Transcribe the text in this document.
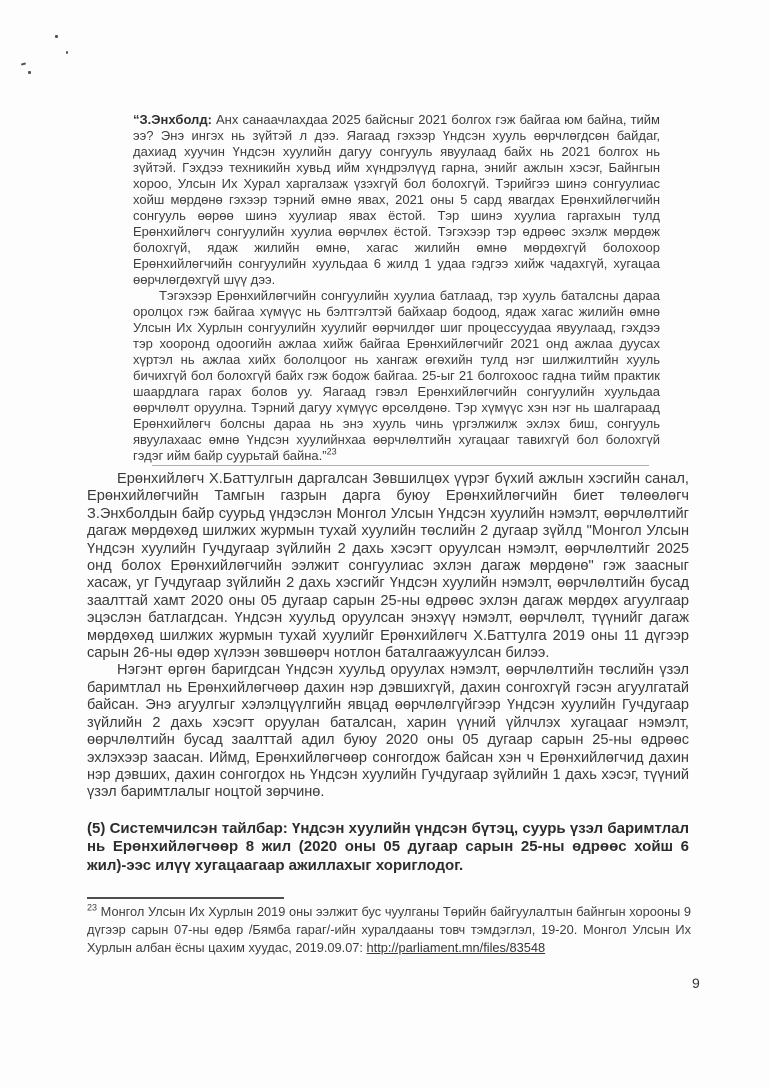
“З.Энхболд: Анх санаачлахдаа 2025 байсныг 2021 болгох гэж байгаа юм байна, тийм ээ? Энэ ингэх нь зүйтэй л дээ. Яагаад гэхээр Үндсэн хууль өөрчлөгдсөн байдаг, дахиад хуучин Үндсэн хуулийн дагуу сонгууль явуулаад байх нь 2021 болгох нь зүйтэй. Гэхдээ техникийн хувьд ийм хүндрэлүүд гарна, энийг ажлын хэсэг, Байнгын хороо, Улсын Их Хурал харгалзаж үзэхгүй бол болохгүй. Тэрийгээ шинэ сонгуулиас хойш мөрдөнө гэхээр тэрний өмнө явах, 2021 оны 5 сард явагдах Ерөнхийлөгчийн сонгууль өөрөө шинэ хуулиар явах ёстой. Тэр шинэ хуулиа гаргахын тулд Ерөнхийлөгч сонгуулийн хуулиа өөрчлөх ёстой. Тэгэхээр тэр өдрөөс эхэлж мөрдөж болохгүй, ядаж жилийн өмнө, хагас жилийн өмнө мөрдөхгүй болохоор Ерөнхийлөгчийн сонгуулийн хуульдаа 6 жилд 1 удаа гэдгээ хийж чадахгүй, хугацаа өөрчлөгдөхгүй шүү дээ.

Тэгэхээр Ерөнхийлөгчийн сонгуулийн хуулиа батлаад, тэр хууль баталсны дараа оролцох гэж байгаа хүмүүс нь бэлтгэлтэй байхаар бодоод, ядаж хагас жилийн өмнө Улсын Их Хурлын сонгуулийн хуулийг өөрчилдөг шиг процессуудаа явуулаад, гэхдээ тэр хооронд одоогийн ажлаа хийж байгаа Ерөнхийлөгчийг 2021 онд ажлаа дуусах хүртэл нь ажлаа хийх бололцоог нь хангаж өгөхийн тулд нэг шилжилтийн хууль бичихгүй бол болохгүй байх гэж бодож байгаа. 25-ыг 21 болгохоос гадна тийм практик шаардлага гарах болов уу. Яагаад гэвэл Ерөнхийлөгчийн сонгуулийн хуульдаа өөрчлөлт оруулна. Тэрний дагуу хүмүүс өрсөлдөнө. Тэр хүмүүс хэн нэг нь шалгараад Ерөнхийлөгч болсны дараа нь энэ хууль чинь үргэлжилж эхлэх биш, сонгууль явуулахаас өмнө Үндсэн хуулийнхаа өөрчлөлтийн хугацааг тавихгүй бол болохгүй гэдэг ийм байр суурьтай байна.”$^{23}$

Ерөнхийлөгч Х.Баттулгын даргалсан Зөвшилцөх үүрэг бүхий ажлын хэсгийн санал, Ерөнхийлөгчийн Тамгын газрын дарга буюу Ерөнхийлөгчийн биет төлөөлөгч З.Энхболдын байр суурьд үндэслэн Монгол Улсын Үндсэн хуулийн нэмэлт, өөрчлөлтийг дагаж мөрдөхөд шилжих журмын тухай хуулийн төслийн 2 дугаар зүйлд "Монгол Улсын Үндсэн хуулийн Гучдугаар зүйлийн 2 дахь хэсэгт оруулсан нэмэлт, өөрчлөлтийг 2025 онд болох Ерөнхийлөгчийн ээлжит сонгуулиас эхлэн дагаж мөрдөнө" гэж заасныг хасаж, уг Гучдугаар зүйлийн 2 дахь хэсгийг Үндсэн хуулийн нэмэлт, өөрчлөлтийн бусад заалттай хамт 2020 оны 05 дугаар сарын 25-ны өдрөөс эхлэн дагаж мөрдөх агуулгаар эцэслэн батлагдсан. Үндсэн хуульд оруулсан энэхүү нэмэлт, өөрчлөлт, түүнийг дагаж мөрдөхөд шилжих журмын тухай хуулийг Ерөнхийлөгч Х.Баттулга 2019 оны 11 дүгээр сарын 26-ны өдөр хүлээн зөвшөөрч нотлон баталгаажуулсан билээ.

Нэгэнт өргөн баригдсан Үндсэн хуульд оруулах нэмэлт, өөрчлөлтийн төслийн үзэл баримтлал нь Ерөнхийлөгчөөр дахин нэр дэвшихгүй, дахин сонгохгүй гэсэн агуулгатай байсан. Энэ агуулгыг хэлэлцүүлгийн явцад өөрчлөлгүйгээр Үндсэн хуулийн Гучдугаар зүйлийн 2 дахь хэсэгт оруулан баталсан, харин үүний үйлчлэх хугацааг нэмэлт, өөрчлөлтийн бусад заалттай адил буюу 2020 оны 05 дугаар сарын 25-ны өдрөөс эхлэхээр заасан. Иймд, Ерөнхийлөгчөөр сонгогдож байсан хэн ч Ерөнхийлөгчид дахин нэр дэвших, дахин сонгогдох нь Үндсэн хуулийн Гучдугаар зүйлийн 1 дахь хэсэг, түүний үзэл баримтлалыг ноцтой зөрчинө.

(5) Системчилсэн тайлбар: Үндсэн хуулийн үндсэн бүтэц, суурь үзэл баримтлал нь Ерөнхийлөгчөөр 8 жил (2020 оны 05 дугаар сарын 25-ны өдрөөс хойш 6 жил)-ээс илүү хугацаагаар ажиллахыг хориглодог.

$^{23}$ Монгол Улсын Их Хурлын 2019 оны ээлжит бус чуулганы Төрийн байгуулалтын байнгын хорооны 9 дүгээр сарын 07-ны өдөр /Бямба гараг/-ийн хуралдааны товч тэмдэглэл, 19-20. Монгол Улсын Их Хурлын албан ёсны цахим хуудас, 2019.09.07: http://parliament.mn/files/83548
9
